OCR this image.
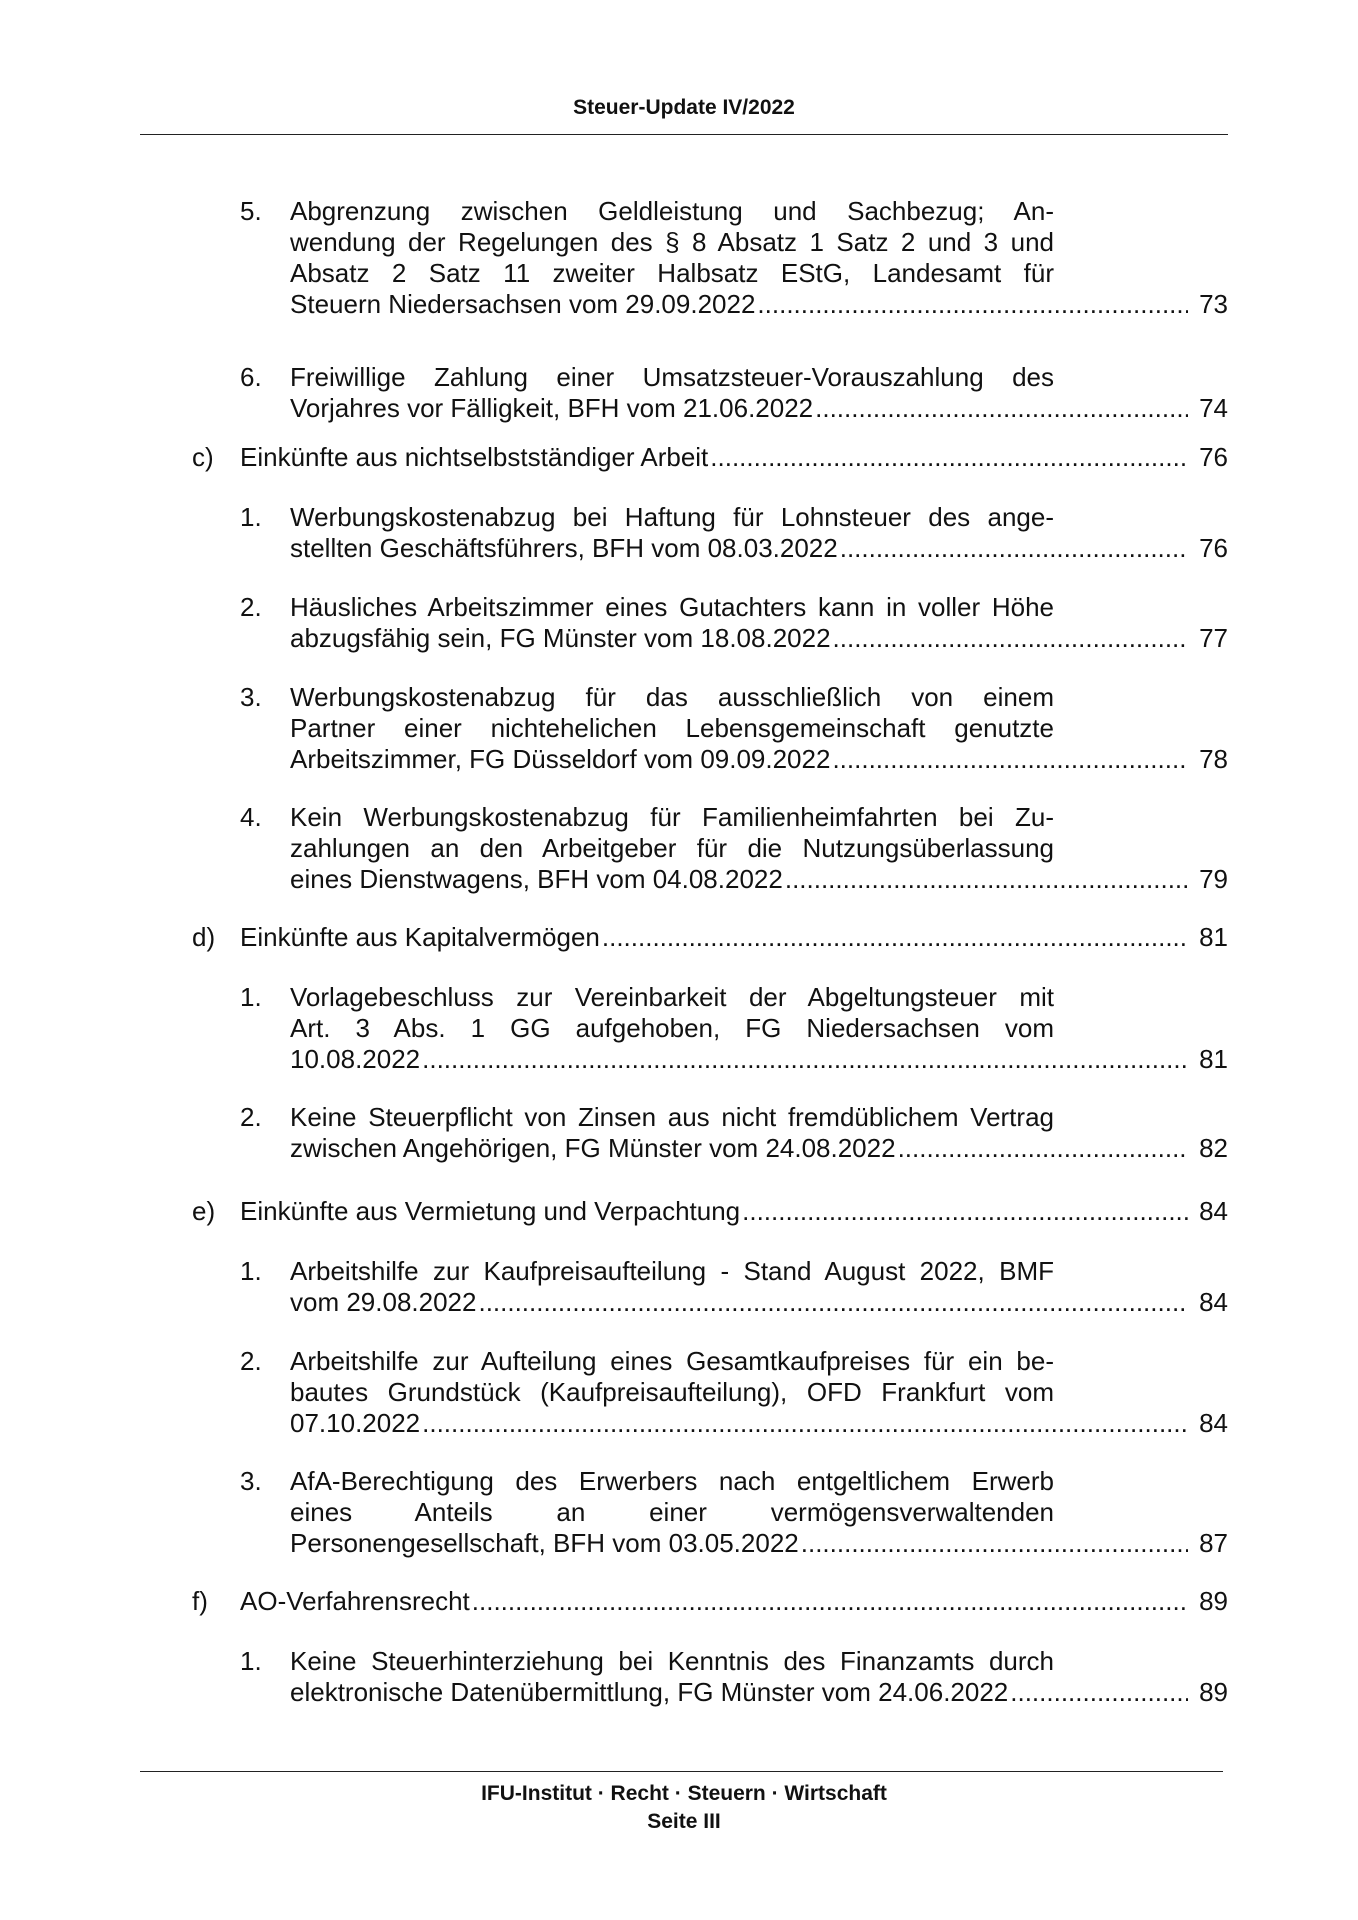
Steuer-Update IV/2022
5. Abgrenzung zwischen Geldleistung und Sachbezug; An-
wendung der Regelungen des § 8 Absatz 1 Satz 2 und 3 und
Absatz 2 Satz 11 zweiter Halbsatz EStG, Landesamt für
Steuern Niedersachsen vom 29.09.2022 .....	73
6. Freiwillige Zahlung einer Umsatzsteuer-Vorauszahlung des
Vorjahres vor Fälligkeit, BFH vom 21.06.2022 .....	74
c) Einkünfte aus nichtselbstständiger Arbeit .....	76
1. Werbungskostenabzug bei Haftung für Lohnsteuer des ange-
stellten Geschäftsführers, BFH vom 08.03.2022 .....	76
2. Häusliches Arbeitszimmer eines Gutachters kann in voller Höhe
abzugsfähig sein, FG Münster vom 18.08.2022 .....	77
3. Werbungskostenabzug für das ausschließlich von einem
Partner einer nichtehelichen Lebensgemeinschaft genutzte
Arbeitszimmer, FG Düsseldorf vom 09.09.2022 .....	78
4. Kein Werbungskostenabzug für Familienheimfahrten bei Zu-
zahlungen an den Arbeitgeber für die Nutzungsüberlassung
eines Dienstwagens, BFH vom 04.08.2022 .....	79
d) Einkünfte aus Kapitalvermögen .....	81
1. Vorlagebeschluss zur Vereinbarkeit der Abgeltungsteuer mit
Art. 3 Abs. 1 GG aufgehoben, FG Niedersachsen vom
10.08.2022 .....	81
2. Keine Steuerpflicht von Zinsen aus nicht fremdüblichem Vertrag
zwischen Angehörigen, FG Münster vom 24.08.2022 .....	82
e) Einkünfte aus Vermietung und Verpachtung .....	84
1. Arbeitshilfe zur Kaufpreisaufteilung - Stand August 2022, BMF
vom 29.08.2022 .....	84
2. Arbeitshilfe zur Aufteilung eines Gesamtkaufpreises für ein be-
bautes Grundstück (Kaufpreisaufteilung), OFD Frankfurt vom
07.10.2022 .....	84
3. AfA-Berechtigung des Erwerbers nach entgeltlichem Erwerb
eines Anteils an einer vermögensverwaltenden
Personengesellschaft, BFH vom 03.05.2022 .....	87
f) AO-Verfahrensrecht .....	89
1. Keine Steuerhinterziehung bei Kenntnis des Finanzamts durch
elektronische Datenübermittlung, FG Münster vom 24.06.2022 .....	89
IFU-Institut · Recht · Steuern · Wirtschaft
Seite III
